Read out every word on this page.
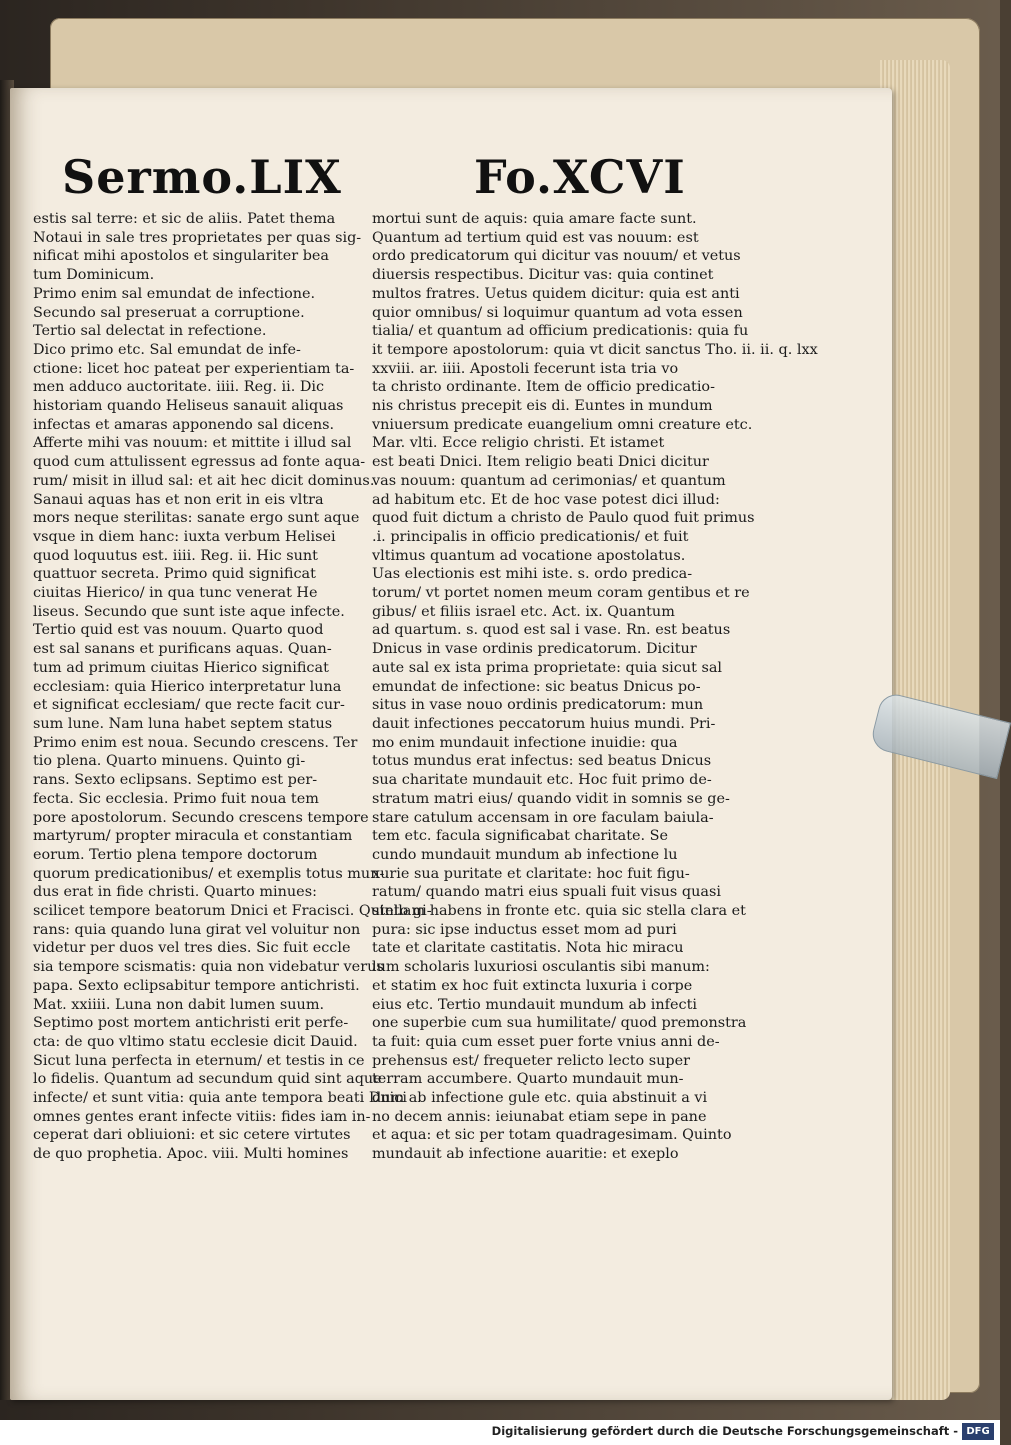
Sermo.LIX	Fo.XCVI

estis sal terre: et sic de aliis. Patet thema

Notaui in sale tres proprietates per quas sig-

nificat mihi apostolos et singulariter bea

tum Dominicum.

Primo enim sal emundat de infectione.

Secundo sal preseruat a corruptione.

Tertio sal delectat in refectione.

Dico primo etc. Sal emundat de infe-

ctione: licet hoc pateat per experientiam ta-

men adduco auctoritate. iiii. Reg. ii. Dic

historiam quando Heliseus sanauit aliquas

infectas et amaras apponendo sal dicens.

Afferte mihi vas nouum: et mittite i illud sal

quod cum attulissent egressus ad fonte aqua-

rum/ misit in illud sal: et ait hec dicit dominus.

Sanaui aquas has et non erit in eis vltra

mors neque sterilitas: sanate ergo sunt aque

vsque in diem hanc: iuxta verbum Helisei

quod loquutus est. iiii. Reg. ii. Hic sunt

quattuor secreta. Primo quid significat

ciuitas Hierico/ in qua tunc venerat He

liseus. Secundo que sunt iste aque infecte.

Tertio quid est vas nouum. Quarto quod

est sal sanans et purificans aquas. Quan-

tum ad primum ciuitas Hierico significat

ecclesiam: quia Hierico interpretatur luna

et significat ecclesiam/ que recte facit cur-

sum lune. Nam luna habet septem status

Primo enim est noua. Secundo crescens. Ter

tio plena. Quarto minuens. Quinto gi-

rans. Sexto eclipsans. Septimo est per-

fecta. Sic ecclesia. Primo fuit noua tem

pore apostolorum. Secundo crescens tempore

martyrum/ propter miracula et constantiam

eorum. Tertio plena tempore doctorum

quorum predicationibus/ et exemplis totus mun-

dus erat in fide christi. Quarto minues:

scilicet tempore beatorum Dnici et Fracisci. Quinto gi-

rans: quia quando luna girat vel voluitur non

videtur per duos vel tres dies. Sic fuit eccle

sia tempore scismatis: quia non videbatur verus

papa. Sexto eclipsabitur tempore antichristi.

Mat. xxiiii. Luna non dabit lumen suum.

Septimo post mortem antichristi erit perfe-

cta: de quo vltimo statu ecclesie dicit Dauid.

Sicut luna perfecta in eternum/ et testis in ce

lo fidelis. Quantum ad secundum quid sint aque

infecte/ et sunt vitia: quia ante tempora beati Dnici

omnes gentes erant infecte vitiis: fides iam in-

ceperat dari obliuioni: et sic cetere virtutes

de quo prophetia. Apoc. viii. Multi homines

mortui sunt de aquis: quia amare facte sunt.

Quantum ad tertium quid est vas nouum: est

ordo predicatorum qui dicitur vas nouum/ et vetus

diuersis respectibus. Dicitur vas: quia continet

multos fratres. Uetus quidem dicitur: quia est anti

quior omnibus/ si loquimur quantum ad vota essen

tialia/ et quantum ad officium predicationis: quia fu

it tempore apostolorum: quia vt dicit sanctus Tho. ii. ii. q. lxx

xxviii. ar. iiii. Apostoli fecerunt ista tria vo

ta christo ordinante. Item de officio predicatio-

nis christus precepit eis di. Euntes in mundum

vniuersum predicate euangelium omni creature etc.

Mar. vlti. Ecce religio christi. Et istamet

est beati Dnici. Item religio beati Dnici dicitur

vas nouum: quantum ad cerimonias/ et quantum

ad habitum etc. Et de hoc vase potest dici illud:

quod fuit dictum a christo de Paulo quod fuit primus

.i. principalis in officio predicationis/ et fuit

vltimus quantum ad vocatione apostolatus.

Uas electionis est mihi iste. s. ordo predica-

torum/ vt portet nomen meum coram gentibus et re

gibus/ et filiis israel etc. Act. ix. Quantum

ad quartum. s. quod est sal i vase. Rn. est beatus

Dnicus in vase ordinis predicatorum. Dicitur

aute sal ex ista prima proprietate: quia sicut sal

emundat de infectione: sic beatus Dnicus po-

situs in vase nouo ordinis predicatorum: mun

dauit infectiones peccatorum huius mundi. Pri-

mo enim mundauit infectione inuidie: qua

totus mundus erat infectus: sed beatus Dnicus

sua charitate mundauit etc. Hoc fuit primo de-

stratum matri eius/ quando vidit in somnis se ge-

stare catulum accensam in ore faculam baiula-

tem etc. facula significabat charitate. Se

cundo mundauit mundum ab infectione lu

xurie sua puritate et claritate: hoc fuit figu-

ratum/ quando matri eius spuali fuit visus quasi

stellam habens in fronte etc. quia sic stella clara et

pura: sic ipse inductus esset mom ad puri

tate et claritate castitatis. Nota hic miracu

lum scholaris luxuriosi osculantis sibi manum:

et statim ex hoc fuit extincta luxuria i corpe

eius etc. Tertio mundauit mundum ab infecti

one superbie cum sua humilitate/ quod premonstra

ta fuit: quia cum esset puer forte vnius anni de-

prehensus est/ frequeter relicto lecto super

terram accumbere. Quarto mundauit mun-

dum ab infectione gule etc. quia abstinuit a vi

no decem annis: ieiunabat etiam sepe in pane

et aqua: et sic per totam quadragesimam. Quinto

mundauit ab infectione auaritie: et exeplo

Digitalisierung gefördert durch die Deutsche Forschungsgemeinschaft - DFG
